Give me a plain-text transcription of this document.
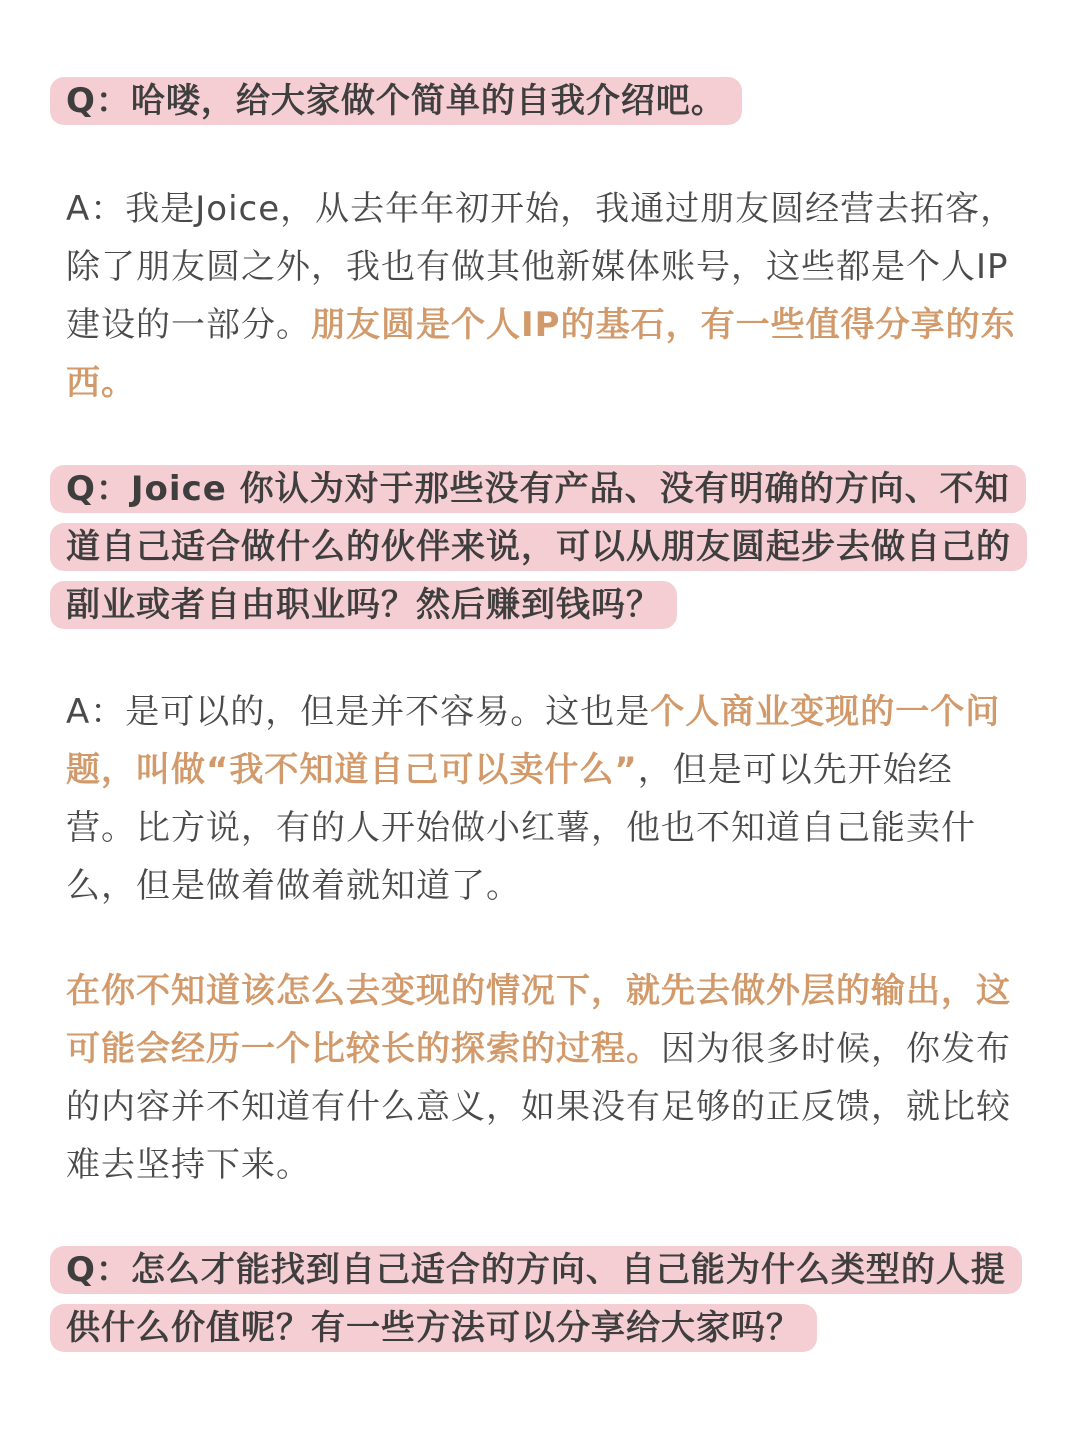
Q：哈喽，给大家做个简单的自我介绍吧。
A：我是Joice，从去年年初开始，我通过朋友圆经营去拓客，除了朋友圆之外，我也有做其他新媒体账号，这些都是个人IP建设的一部分。朋友圆是个人IP的基石，有一些值得分享的东西。
Q：Joice 你认为对于那些没有产品、没有明确的方向、不知道自己适合做什么的伙伴来说，可以从朋友圆起步去做自己的副业或者自由职业吗？然后赚到钱吗？
A：是可以的，但是并不容易。这也是个人商业变现的一个问题，叫做“我不知道自己可以卖什么”，但是可以先开始经营。比方说，有的人开始做小红薯，他也不知道自己能卖什么，但是做着做着就知道了。
在你不知道该怎么去变现的情况下，就先去做外层的输出，这可能会经历一个比较长的探索的过程。因为很多时候，你发布的内容并不知道有什么意义，如果没有足够的正反馈，就比较难去坚持下来。
Q：怎么才能找到自己适合的方向、自己能为什么类型的人提供什么价值呢？有一些方法可以分享给大家吗？
